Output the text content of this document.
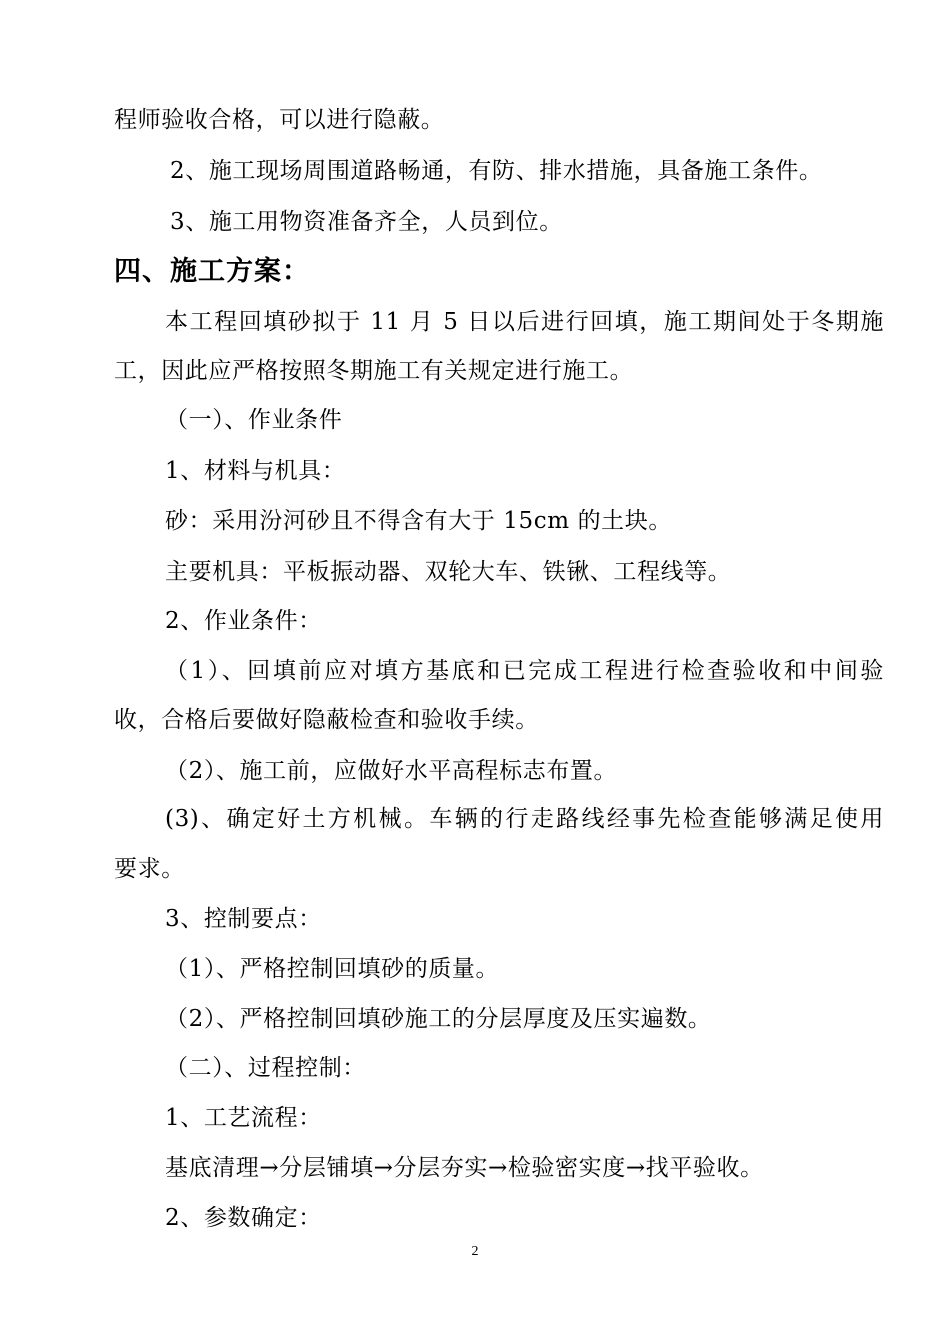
程师验收合格，可以进行隐蔽。
2、施工现场周围道路畅通，有防、排水措施，具备施工条件。
3、施工用物资准备齐全，人员到位。
四、施工方案：
本工程回填砂拟于 11 月 5 日以后进行回填，施工期间处于冬期施
工，因此应严格按照冬期施工有关规定进行施工。
（一）、作业条件
1、材料与机具：
砂：采用汾河砂且不得含有大于 15cm 的土块。
主要机具：平板振动器、双轮大车、铁锹、工程线等。
2、作业条件：
（1）、回填前应对填方基底和已完成工程进行检查验收和中间验
收，合格后要做好隐蔽检查和验收手续。
（2）、施工前，应做好水平高程标志布置。
(3)、确定好土方机械。车辆的行走路线经事先检查能够满足使用
要求。
3、控制要点：
（1）、严格控制回填砂的质量。
（2）、严格控制回填砂施工的分层厚度及压实遍数。
（二）、过程控制：
1、工艺流程：
基底清理→分层铺填→分层夯实→检验密实度→找平验收。
2、参数确定：
2
